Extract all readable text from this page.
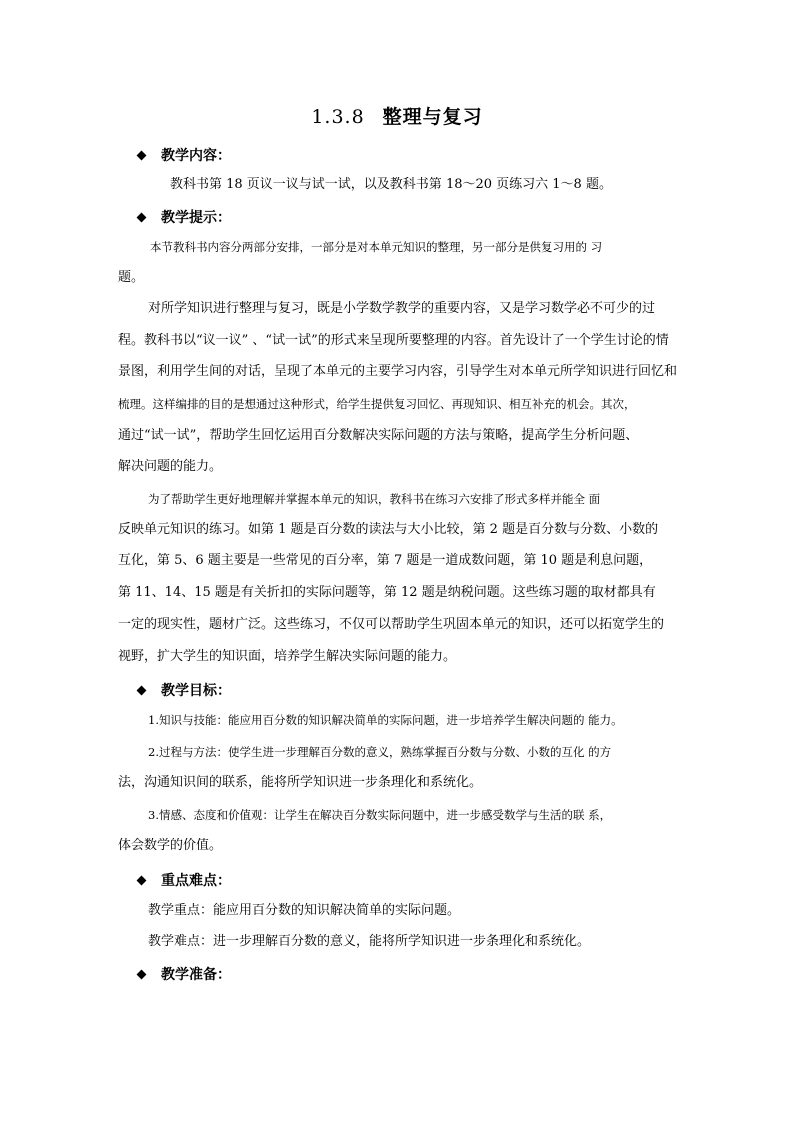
1.3.8 整理与复习
教学内容：
教科书第 18 页议一议与试一试，以及教科书第 18～20 页练习六 1～8 题。
教学提示：
本节教科书内容分两部分安排，一部分是对本单元知识的整理，另一部分是供复习用的 习
题。
对所学知识进行整理与复习，既是小学数学教学的重要内容，又是学习数学必不可少的过
程。教科书以“议一议” 、“试一试”的形式来呈现所要整理的内容。首先设计了一个学生讨论的情
景图，利用学生间的对话，呈现了本单元的主要学习内容，引导学生对本单元所学知识进行回忆和
梳理。这样编排的目的是想通过这种形式，给学生提供复习回忆、再现知识、相互补充的机会。其次，
通过“试一试”，帮助学生回忆运用百分数解决实际问题的方法与策略，提高学生分析问题、
解决问题的能力。
为了帮助学生更好地理解并掌握本单元的知识，教科书在练习六安排了形式多样并能全 面
反映单元知识的练习。如第 1 题是百分数的读法与大小比较，第 2 题是百分数与分数、小数的
互化，第 5、6 题主要是一些常见的百分率，第 7 题是一道成数问题，第 10 题是利息问题，
第 11、14、15 题是有关折扣的实际问题等，第 12 题是纳税问题。这些练习题的取材都具有
一定的现实性，题材广泛。这些练习，不仅可以帮助学生巩固本单元的知识，还可以拓宽学生的
视野，扩大学生的知识面，培养学生解决实际问题的能力。
教学目标：
1.知识与技能：能应用百分数的知识解决简单的实际问题，进一步培养学生解决问题的 能力。
2.过程与方法：使学生进一步理解百分数的意义，熟练掌握百分数与分数、小数的互化 的方
法，沟通知识间的联系，能将所学知识进一步条理化和系统化。
3.情感、态度和价值观：让学生在解决百分数实际问题中，进一步感受数学与生活的联 系，
体会数学的价值。
重点难点：
教学重点：能应用百分数的知识解决简单的实际问题。
教学难点：进一步理解百分数的意义，能将所学知识进一步条理化和系统化。
教学准备：
